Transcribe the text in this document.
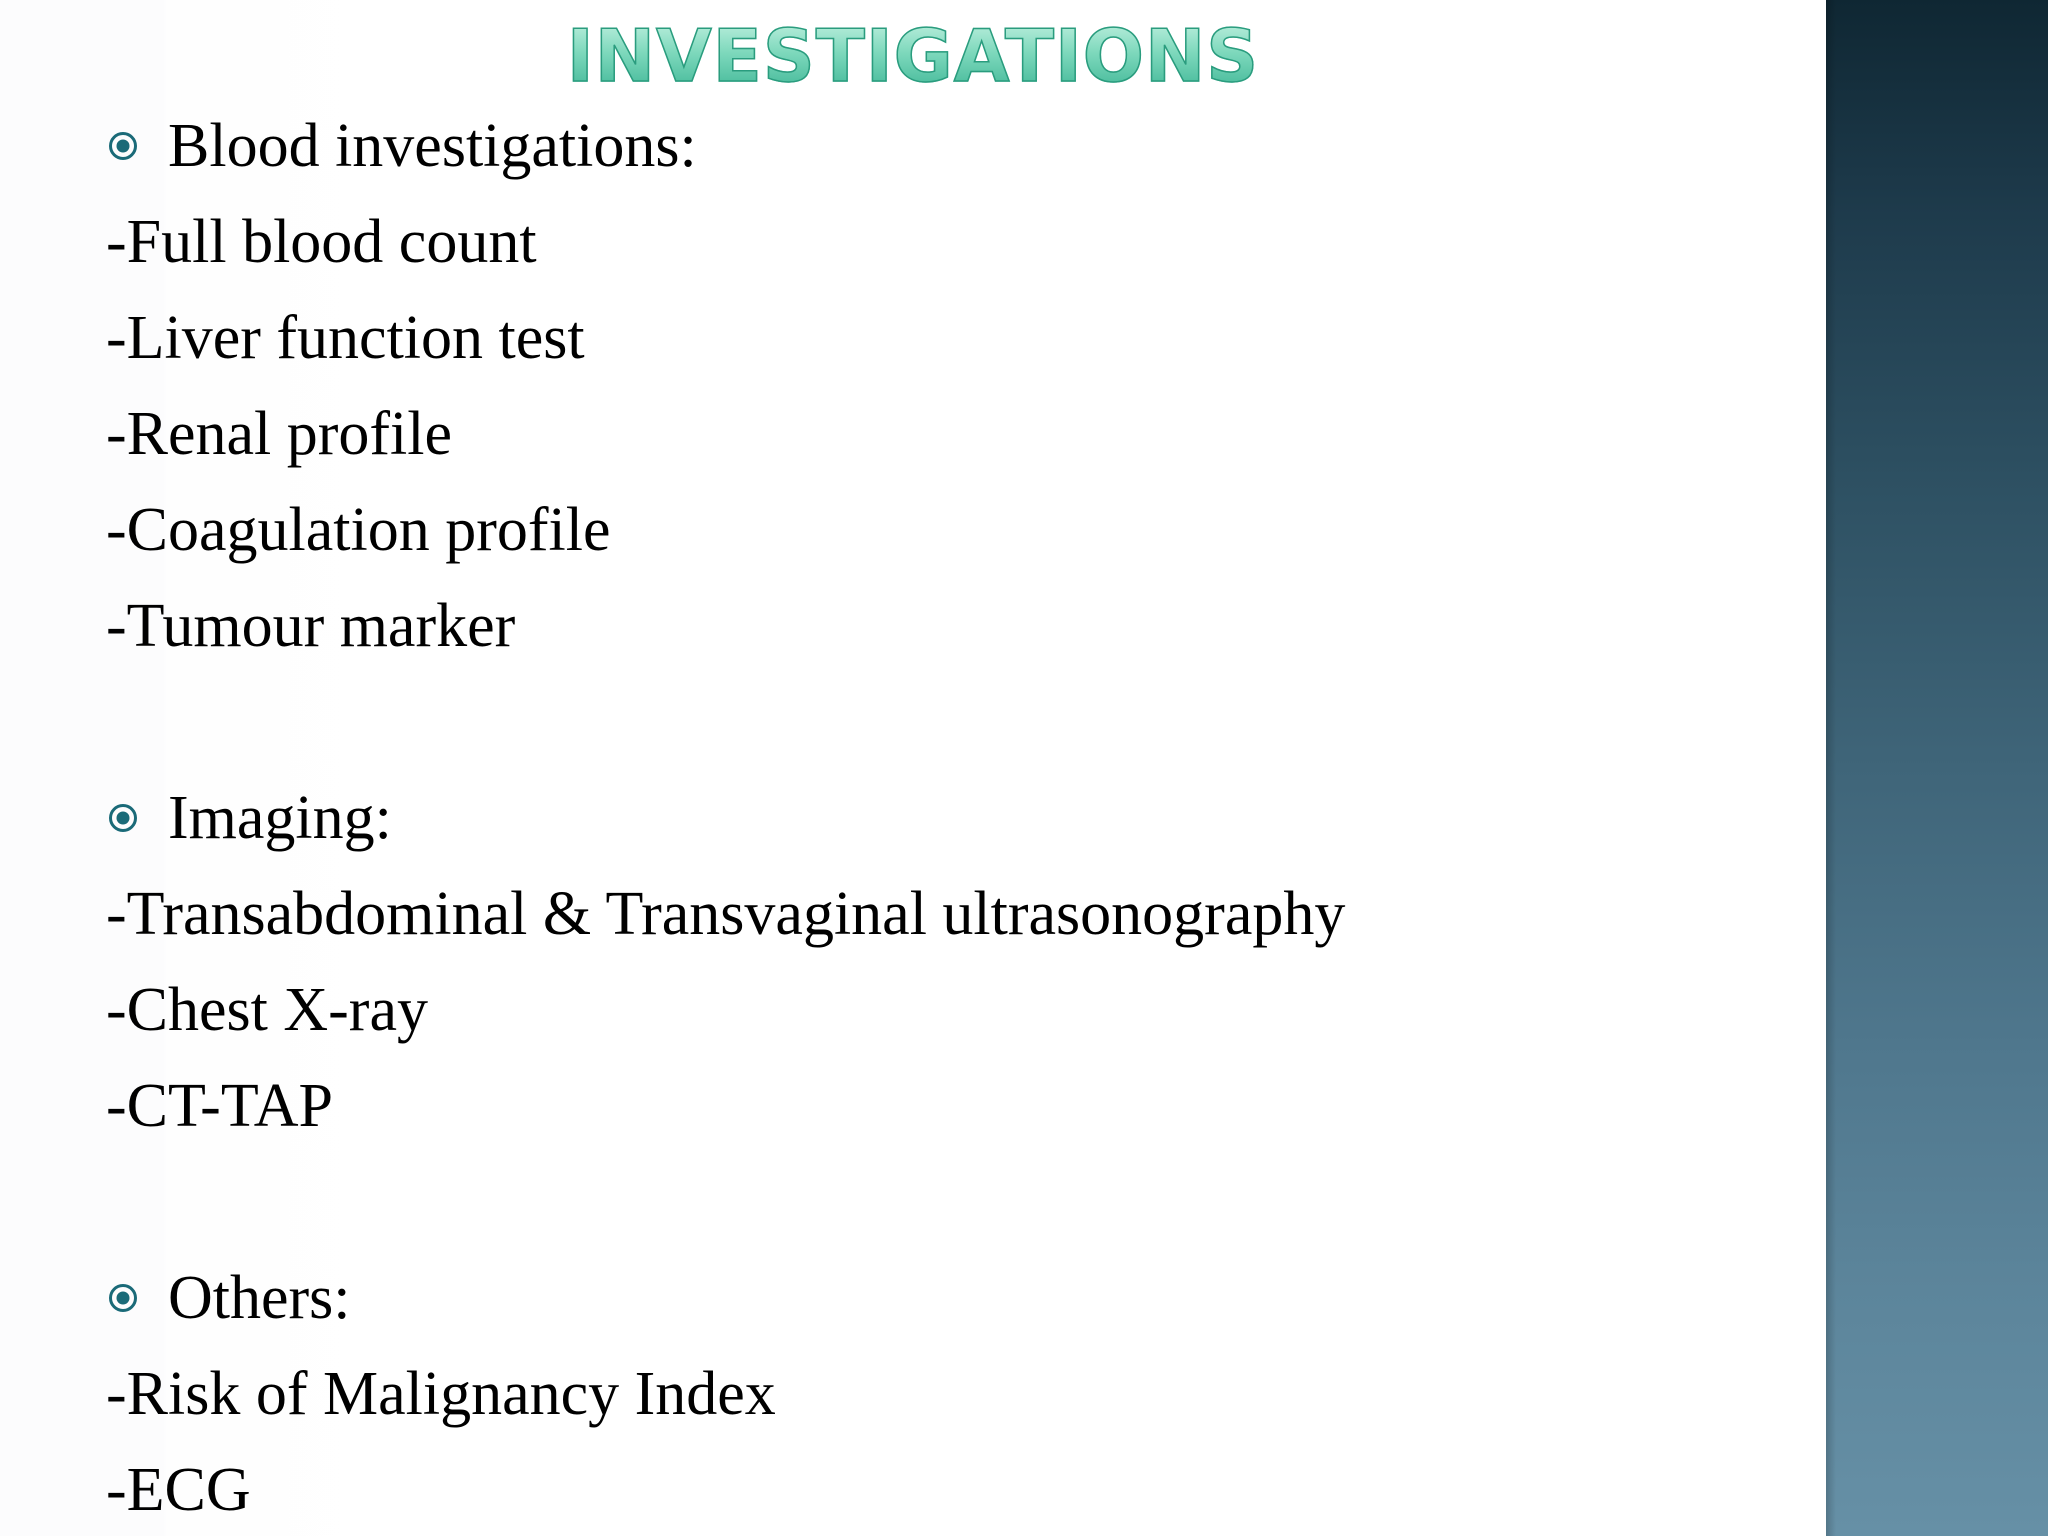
INVESTIGATIONS
Blood investigations:
-Full blood count
-Liver function test
-Renal profile
-Coagulation profile
-Tumour marker
Imaging:
-Transabdominal & Transvaginal ultrasonography
-Chest X-ray
-CT-TAP
Others:
-Risk of Malignancy Index
-ECG
